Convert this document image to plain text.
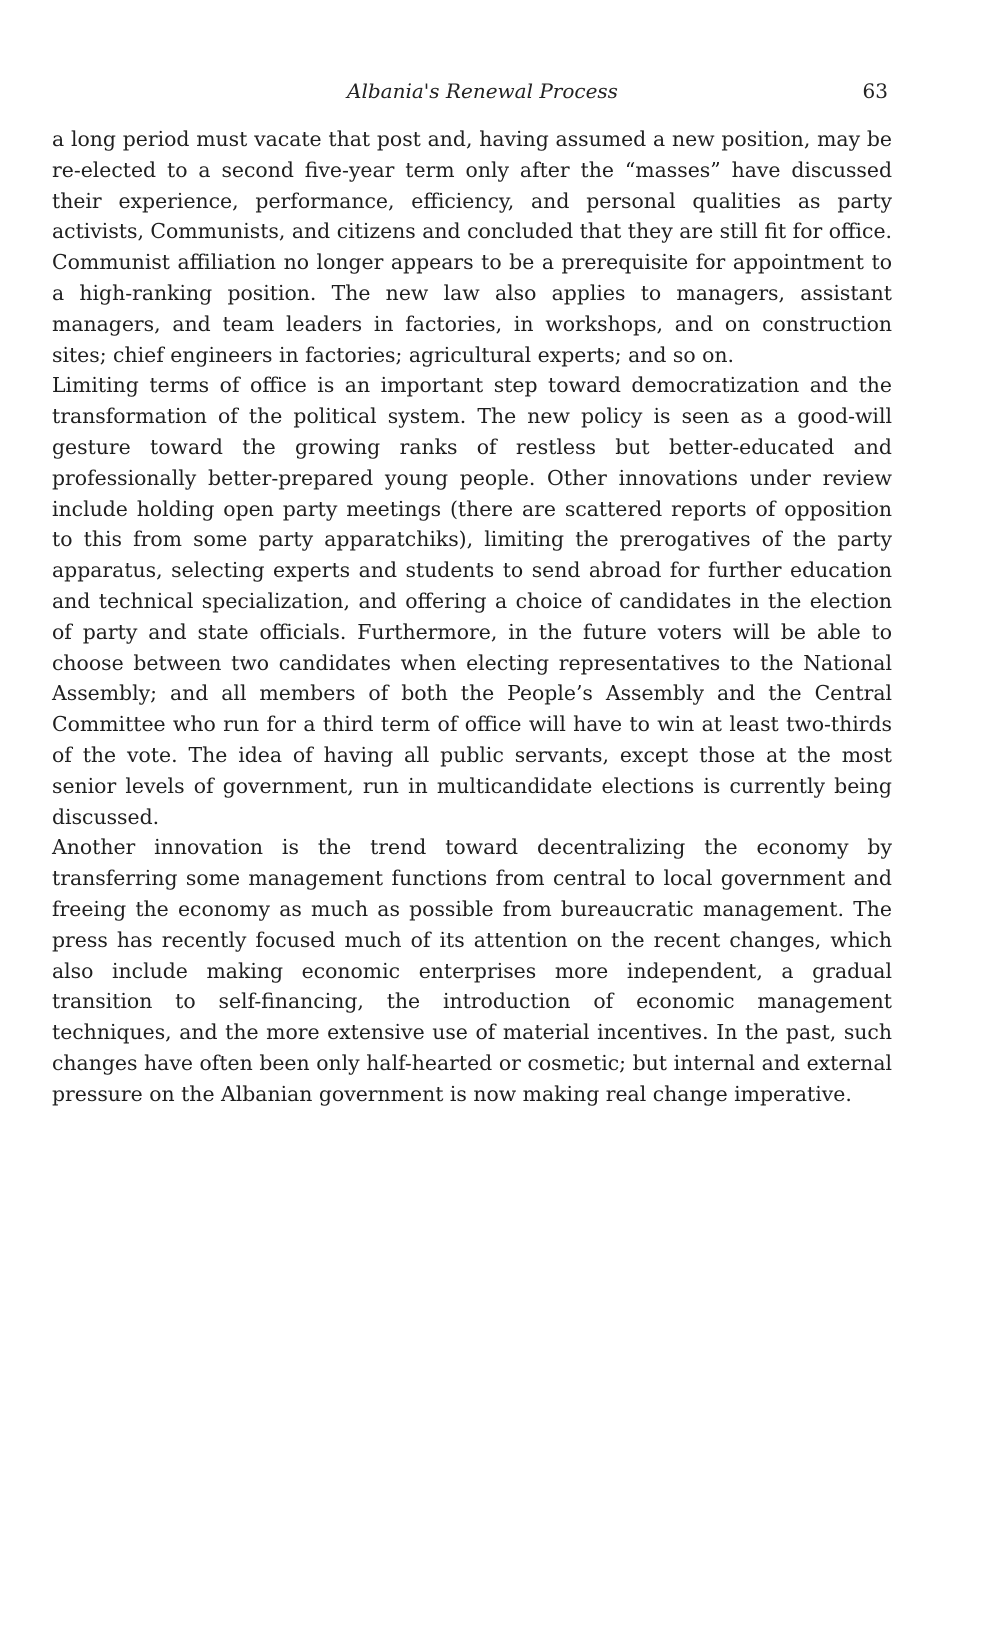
Albania's Renewal Process	63

a long period must vacate that post and, having assumed a new position, may be re-elected to a second five-year term only after the “masses” have discussed their experience, performance, efficiency, and personal qualities as party activists, Communists, and citizens and concluded that they are still fit for office. Communist affiliation no longer appears to be a prerequisite for appointment to a high-ranking position. The new law also applies to managers, assistant managers, and team leaders in factories, in workshops, and on construction sites; chief engineers in factories; agricultural experts; and so on.

Limiting terms of office is an important step toward democratization and the transformation of the political system. The new policy is seen as a good-will gesture toward the growing ranks of restless but better-educated and professionally better-prepared young people. Other innovations under review include holding open party meetings (there are scattered reports of opposition to this from some party apparatchiks), limiting the prerogatives of the party apparatus, selecting experts and students to send abroad for further education and technical specialization, and offering a choice of candidates in the election of party and state officials. Furthermore, in the future voters will be able to choose between two candidates when electing representatives to the National Assembly; and all members of both the People’s Assembly and the Central Committee who run for a third term of office will have to win at least two-thirds of the vote. The idea of having all public servants, except those at the most senior levels of government, run in multicandidate elections is currently being discussed.

Another innovation is the trend toward decentralizing the economy by transferring some management functions from central to local government and freeing the economy as much as possible from bureaucratic management. The press has recently focused much of its attention on the recent changes, which also include making economic enterprises more independent, a gradual transition to self-financing, the introduction of economic management techniques, and the more extensive use of material incentives. In the past, such changes have often been only half-hearted or cosmetic; but internal and external pressure on the Albanian government is now making real change imperative.
